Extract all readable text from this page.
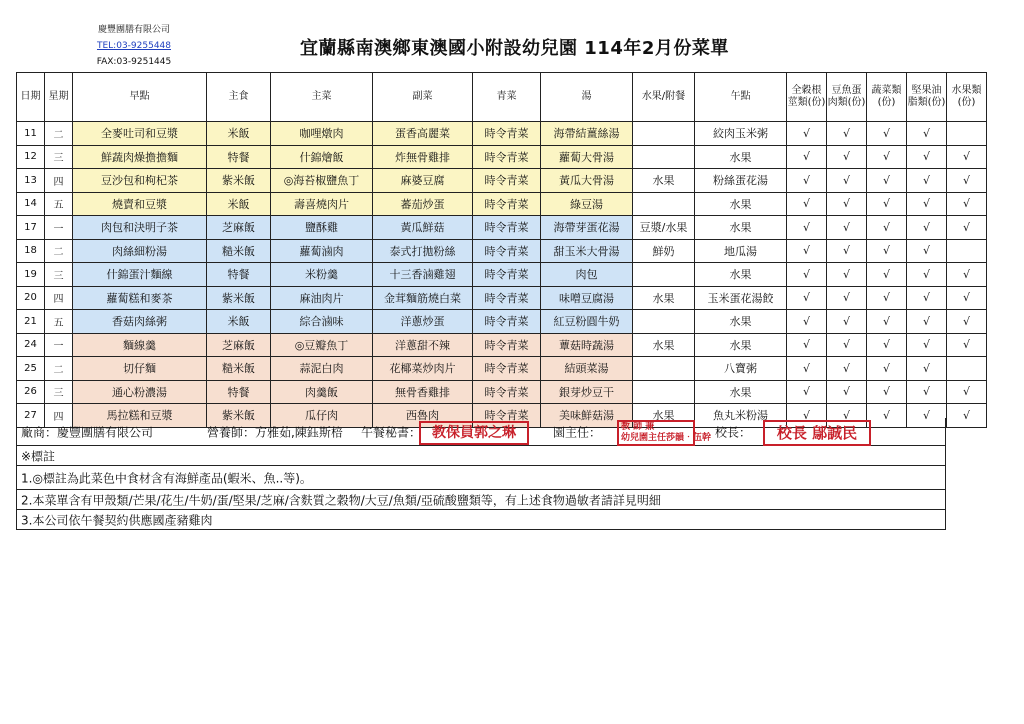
慶豐團膳有限公司
TEL:03-9255448
FAX:03-9251445
宜蘭縣南澳鄉東澳國小附設幼兒園 114年2月份菜單
日期	星期	早點	主食	主菜	副菜	青菜	湯	水果/附餐	午點	全穀根莖類(份)	豆魚蛋肉類(份)	蔬菜類(份)	堅果油脂類(份)	水果類(份)
11	二	全麥吐司和豆漿	米飯	咖哩燉肉	蛋香高麗菜	時令青菜	海帶結薑絲湯		絞肉玉米粥	√	√	√	√	
12	三	鮮蔬肉燥擔擔麵	特餐	什錦燴飯	炸無骨雞排	時令青菜	蘿蔔大骨湯		水果	√	√	√	√	√
13	四	豆沙包和枸杞茶	紫米飯	◎海苔椒鹽魚丁	麻婆豆腐	時令青菜	黃瓜大骨湯	水果	粉絲蛋花湯	√	√	√	√	√
14	五	燒賣和豆漿	米飯	壽喜燒肉片	蕃茄炒蛋	時令青菜	綠豆湯		水果	√	√	√	√	√
17	一	肉包和決明子茶	芝麻飯	鹽酥雞	黃瓜鮮菇	時令青菜	海帶芽蛋花湯	豆漿/水果	水果	√	√	√	√	√
18	二	肉絲細粉湯	糙米飯	蘿蔔滷肉	泰式打拋粉絲	時令青菜	甜玉米大骨湯	鮮奶	地瓜湯	√	√	√	√	
19	三	什錦蛋汁麵線	特餐	米粉羹	十三香滷雞翅	時令青菜	肉包		水果	√	√	√	√	√
20	四	蘿蔔糕和麥茶	紫米飯	麻油肉片	金茸麵筋燒白菜	時令青菜	味噌豆腐湯	水果	玉米蛋花湯餃	√	√	√	√	√
21	五	香菇肉絲粥	米飯	綜合滷味	洋蔥炒蛋	時令青菜	紅豆粉圓牛奶		水果	√	√	√	√	√
24	一	麵線羹	芝麻飯	◎豆瓣魚丁	洋蔥甜不辣	時令青菜	蕈菇時蔬湯	水果	水果	√	√	√	√	√
25	二	切仔麵	糙米飯	蒜泥白肉	花椰菜炒肉片	時令青菜	結頭菜湯		八寶粥	√	√	√	√	
26	三	通心粉濃湯	特餐	肉羹飯	無骨香雞排	時令青菜	銀芽炒豆干		水果	√	√	√	√	√
27	四	馬拉糕和豆漿	紫米飯	瓜仔肉	西魯肉	時令青菜	美味鮮菇湯	水果	魚丸米粉湯	√	√	√	√	√
廠商：慶豐團膳有限公司	營養師：方雅茹,陳鈺斯棓 午餐秘書： 教保員郭之琳	園主任： 教 師 兼
幼兒園主任莎韻‧伍幹 校長：	校長 鄔誠民
※標註
1.◎標註為此菜色中食材含有海鮮產品(蝦米、魚..等)。
2.本菜單含有甲殼類/芒果/花生/牛奶/蛋/堅果/芝麻/含麩質之穀物/大豆/魚類/亞硫酸鹽類等，有上述食物過敏者請詳見明細
3.本公司依午餐契約供應國產豬雞肉
